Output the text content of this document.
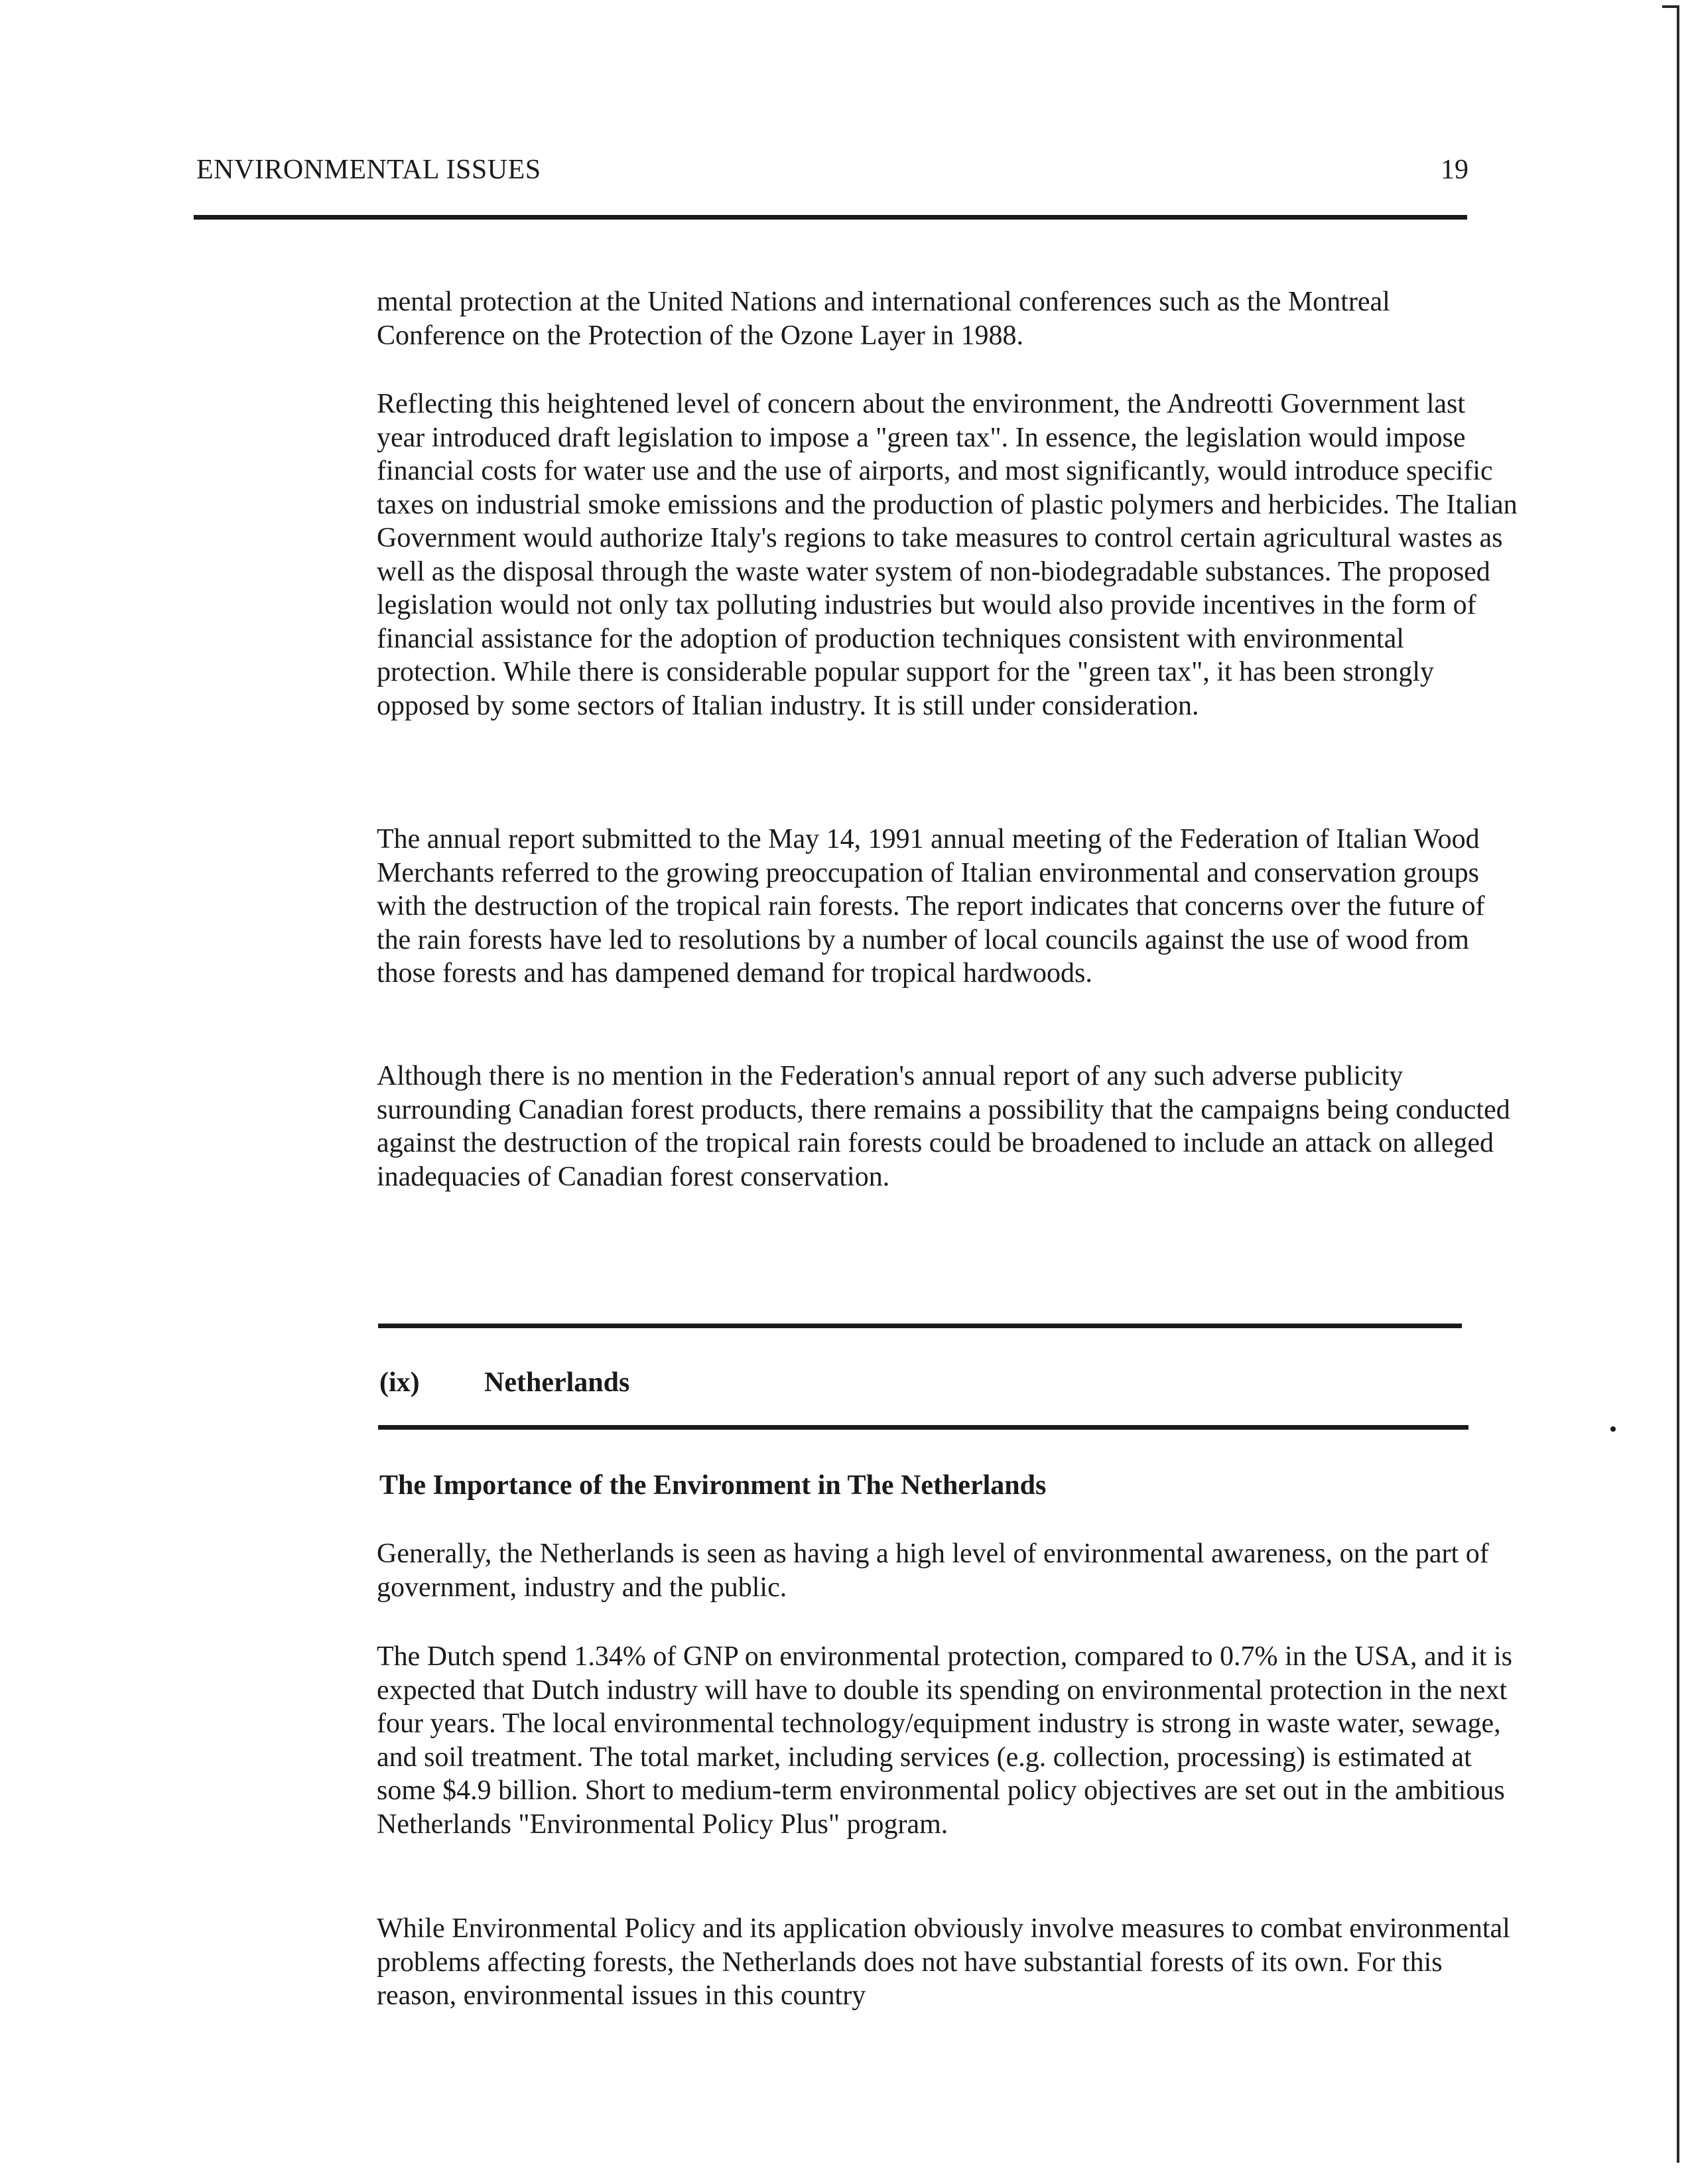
ENVIRONMENTAL ISSUES	19

mental protection at the United Nations and international conferences such as the Montreal Conference on the Protection of the Ozone Layer in 1988.

Reflecting this heightened level of concern about the environment, the Andreotti Government last year introduced draft legislation to impose a "green tax". In essence, the legislation would impose financial costs for water use and the use of airports, and most significantly, would introduce specific taxes on industrial smoke emissions and the production of plastic polymers and herbicides. The Italian Government would authorize Italy's regions to take measures to control certain agricultural wastes as well as the disposal through the waste water system of non-biodegradable substances. The proposed legislation would not only tax polluting industries but would also provide incentives in the form of financial assistance for the adoption of production techniques consistent with environmental protection. While there is considerable popular support for the "green tax", it has been strongly opposed by some sectors of Italian industry. It is still under consideration.

The annual report submitted to the May 14, 1991 annual meeting of the Federation of Italian Wood Merchants referred to the growing preoccupation of Italian environmental and conservation groups with the destruction of the tropical rain forests. The report indicates that concerns over the future of the rain forests have led to resolutions by a number of local councils against the use of wood from those forests and has dampened demand for tropical hardwoods.

Although there is no mention in the Federation's annual report of any such adverse publicity surrounding Canadian forest products, there remains a possibility that the campaigns being conducted against the destruction of the tropical rain forests could be broadened to include an attack on alleged inadequacies of Canadian forest conservation.

(ix) Netherlands
The Importance of the Environment in The Netherlands

Generally, the Netherlands is seen as having a high level of environmental awareness, on the part of government, industry and the public.

The Dutch spend 1.34% of GNP on environmental protection, compared to 0.7% in the USA, and it is expected that Dutch industry will have to double its spending on environmental protection in the next four years. The local environmental technology/equipment industry is strong in waste water, sewage, and soil treatment. The total market, including services (e.g. collection, processing) is estimated at some $4.9 billion. Short to medium-term environmental policy objectives are set out in the ambitious Netherlands "Environmental Policy Plus" program.

While Environmental Policy and its application obviously involve measures to combat environmental problems affecting forests, the Netherlands does not have substantial forests of its own. For this reason, environmental issues in this country
